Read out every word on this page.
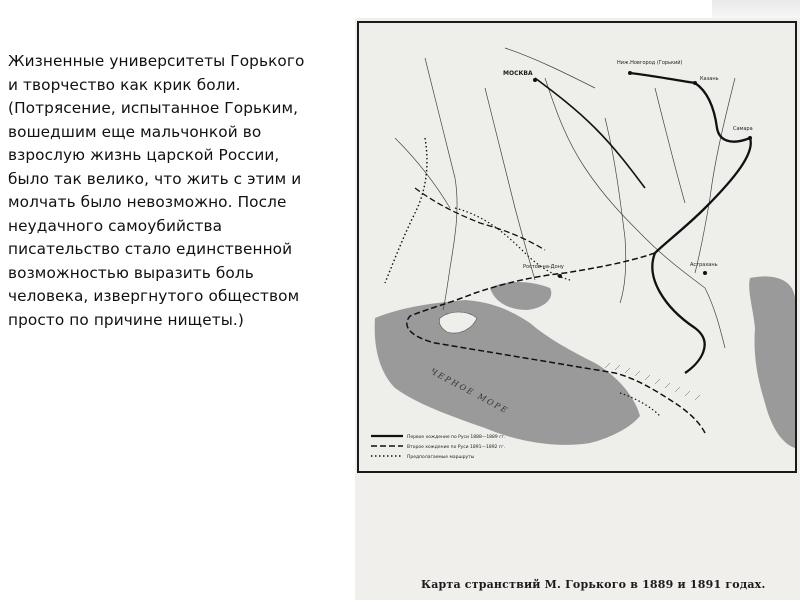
Жизненные университеты Горького
и творчество как крик боли.
(Потрясение, испытанное Горьким,
вошедшим еще мальчонкой во
взрослую жизнь царской России,
было так велико, что жить с этим и
молчать было невозможно. После
неудачного самоубийства
писательство стало единственной
возможностью выразить боль
человека, извергнутого обществом
просто по причине нищеты.)

МОСКВА
Ниж.Новгород (Горький)
Казань
Самара
Ростов-на-Дону	Астрахань
ЧЕРНОЕ МОРЕ
Первое хождение по Руси 1888—1889 гг.
Второе хождение по Руси 1891—1892 гг.
Предполагаемые маршруты
Карта странствий М. Горького в 1889 и 1891 годах.
